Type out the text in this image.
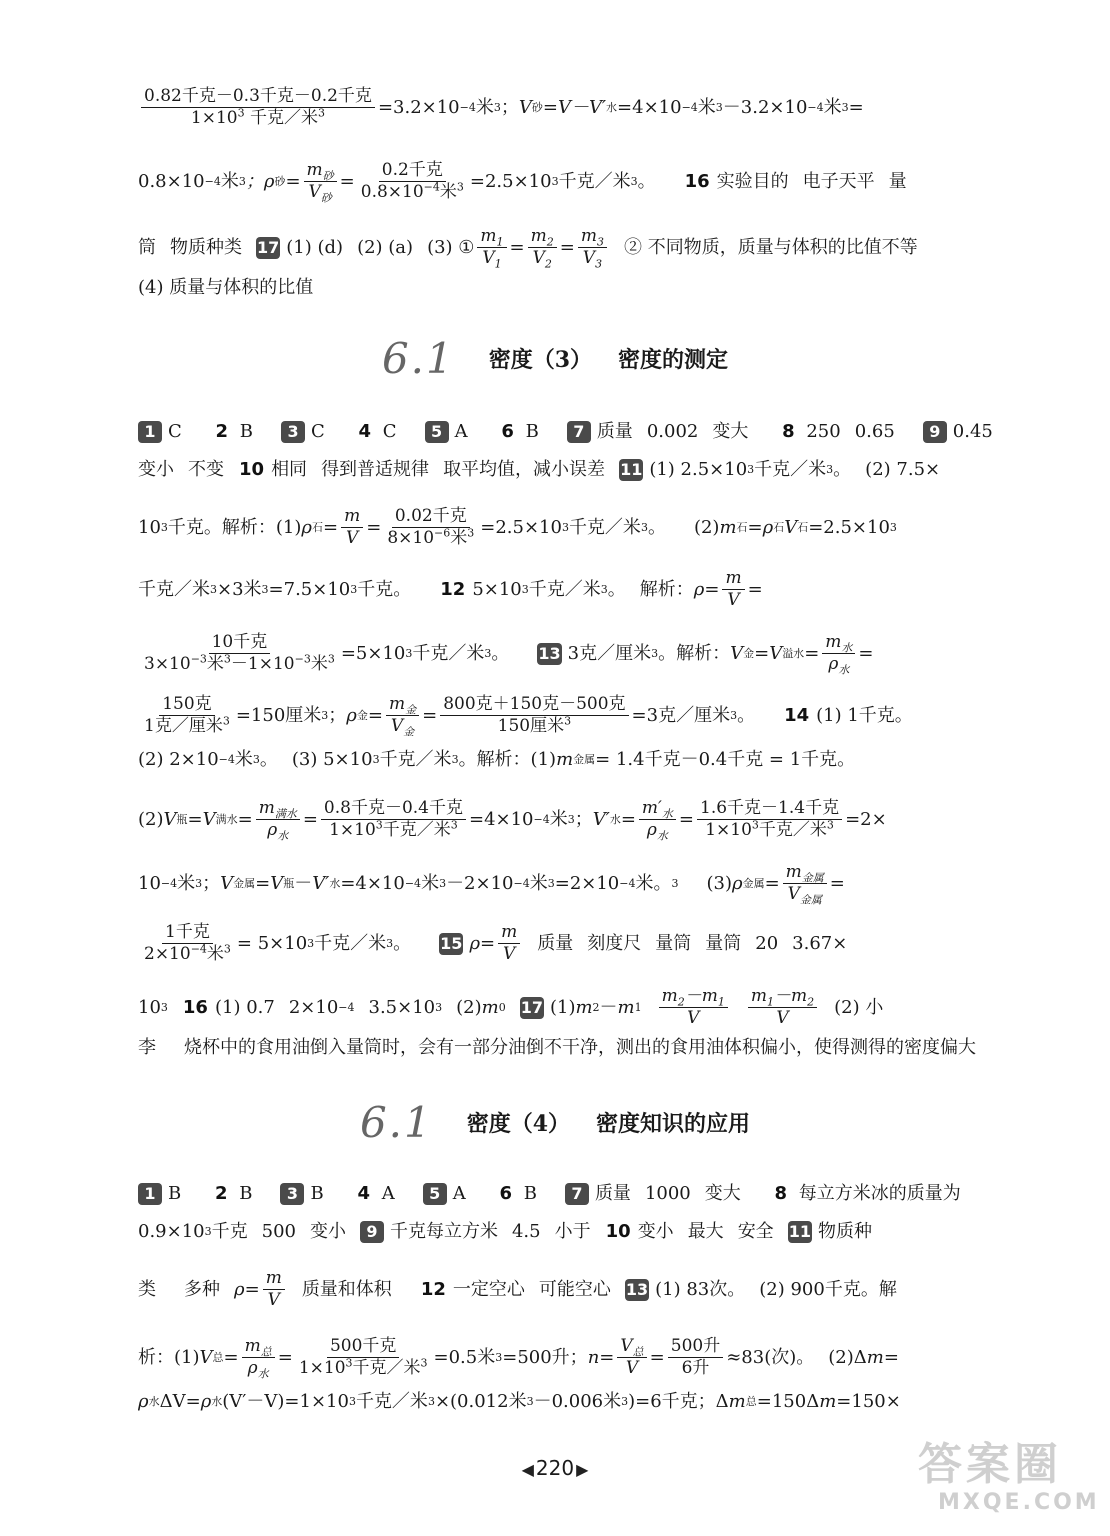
$\frac{\text{0.82千克－0.3千克－0.2千克}}{1\times 10^3 千克/米^3} =3.2\times 10 -4$ 米 3 ； V 砂 =V－V′ 水 =4×10 −4 米 3 －3.2×10 −4 米 3 =
0.8×10 −4 米 3 ；ρ 砂 = $\frac{m_砂}{V_砂} = \frac{\text{0.2千克}}{0.8\times 10^{-4}米^3} =2.5\times 10$ 3 千克／米 3 。 16 实验目的 电子天平 量
筒 物质种类 17 (1) (d) (2) (a) (3) ① $\frac{m_1}{V_1} = \frac{m_2}{V_2} = \frac{m_3}{V_3}$ ② 不同物质，质量与体积的比值不等
(4) 质量与体积的比值
6.1 密度（3） 密度的测定
1 C	2 B	3 C	4 C	5 A	6 B	7 质量 0.002 变大	8 250 0.65	9 0.45
变小 不变 10 相同 得到普适规律 取平均值，减小误差 11 (1) 2.5×10 3 千克／米 3 。 (2) 7.5×
10 3 千克。解析：(1) ρ 石 = $\frac{m}{V} = \frac{\text{0.02千克}}{8\times 10^{-6}米^3} =2.5\times 10$ 3 千克／米 3 。 (2) m 石 = ρ 石 V 石 =2.5×10 3
千克／米 3 ×3米 3 =7.5×10 3 千克。 12 5×10 3 千克／米 3 。 解析： $\rho = \frac{m}{V}$ =
$\frac{\text{10千克}}{3\times 10^{-3}米^3-1\times 10^{-3}米^3} =5\times 10$ 3 千克／米 3 。 13 3克／厘米 3 。 解析： V 金 = V 溢水 = $\frac{m_水}{\rho_水}$ =
$\frac{\text{150克}}{1克/厘米^3} =150$厘米 3 ； ρ 金 = $\frac{m_金}{V_金} = \frac{\text{800克＋150克－500克}}{150厘米^3} =3$克／厘米 3 。 14 (1) 1千克。
(2) 2×10 −4 米 3 。 (3) 5×10 3 千克／米 3 。 解析：(1) m 金属 = 1.4千克－0.4千克 = 1千克。
(2) V 瓶 = V 满水 = $\frac{m_{满水}}{\rho_水} = \frac{\text{0.8千克－0.4千克}}{1\times 10^3千克/米^3} =4\times 10 -4$ 米 3 ； V′ 水 = $\frac{m'_水}{\rho_水} = \frac{\text{1.6千克－1.4千克}}{1\times 10^3千克/米^3} =2\times$
10 −4 米 3 ； V 金属 = V 瓶 － V′ 水 =4×10 −4 米 3 －2×10 −4 米 3 =2×10 −4 米。 3 (3) ρ 金属 = $\frac{m_{金属}}{V_{金属}}$ =
$\frac{\text{1千克}}{2\times 10^{-4}米^3} = 5\times 10$ 3 千克／米 3 。 15 $\rho = \frac{m}{V}$ 质量 刻度尺 量筒 量筒 20 3.67×
10 3 16 (1) 0.7 2×10 −4 3.5×10 3 (2) m 0 17 (1) m 2 － m $1 \frac{m_2-m_1}{V} \frac{m_1-m_2}{V} (2)$ 小
李 烧杯中的食用油倒入量筒时，会有一部分油倒不干净，测出的食用油体积偏小，使得测得的密度偏大
6.1 密度（4） 密度知识的应用
1 B	2 B	3 B	4 A	5 A	6 B	7 质量 1000 变大	8 每立方米冰的质量为
0.9×10 3 千克 500 变小	9 千克每立方米 4.5 小于 10 变小 最大 安全 11 物质种
类 多种 $\rho = \frac{m}{V}$ 质量和体积 12 一定空心 可能空心 13 (1) 83次。 (2) 900千克。解
析：(1) V 总 = $\frac{m_总}{\rho_水} = \frac{\text{500千克}}{1\times 10^3千克/米^3} =0.5$米 3 =500升； $n = \frac{V_总}{V} = \frac{\text{500升}}{\text{6升}} \approx 83$(次)。 (2) Δ m =
ρ 水 ΔV= ρ 水 (V′－V)=1×10 3 千克／米 3 ×(0.012米 3 －0.006米 3 )=6千克； Δ m 总 =150 Δ m =150×
◀ 220 ▶	答案圈
MXQE.COM
